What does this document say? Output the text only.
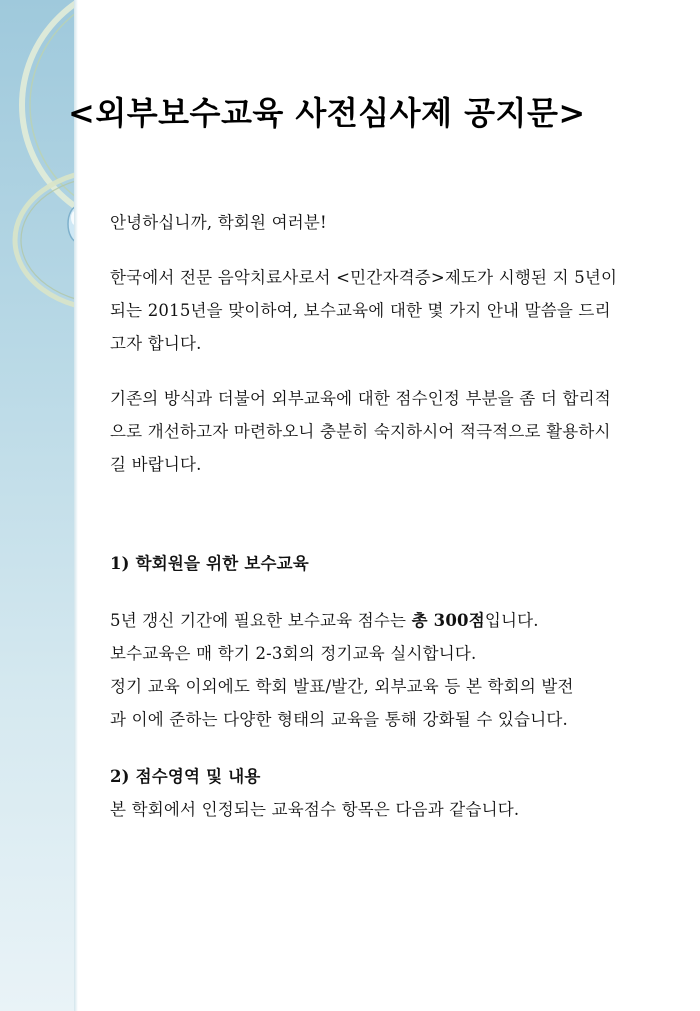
<외부보수교육 사전심사제 공지문>

안녕하십니까, 학회원 여러분!

한국에서 전문 음악치료사로서 <민간자격증>제도가 시행된 지 5년이

되는 2015년을 맞이하여, 보수교육에 대한 몇 가지 안내 말씀을 드리

고자 합니다.

기존의 방식과 더불어 외부교육에 대한 점수인정 부분을 좀 더 합리적

으로 개선하고자 마련하오니 충분히 숙지하시어 적극적으로 활용하시

길 바랍니다.

1) 학회원을 위한 보수교육

5년 갱신 기간에 필요한 보수교육 점수는 총 300점입니다.

보수교육은 매 학기 2-3회의 정기교육 실시합니다.

정기 교육 이외에도 학회 발표/발간, 외부교육 등 본 학회의 발전

과 이에 준하는 다양한 형태의 교육을 통해 강화될 수 있습니다.

2) 점수영역 및 내용

본 학회에서 인정되는 교육점수 항목은 다음과 같습니다.
